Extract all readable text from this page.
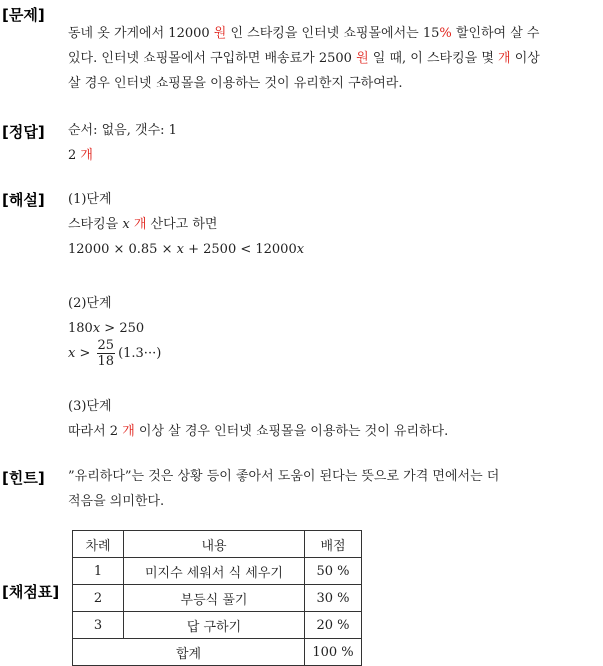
[문제]
동네 옷 가게에서 12000 원 인 스타킹을 인터넷 쇼핑몰에서는 15% 할인하여 살 수
있다. 인터넷 쇼핑몰에서 구입하면 배송료가 2500 원 일 때, 이 스타킹을 몇 개 이상
살 경우 인터넷 쇼핑몰을 이용하는 것이 유리한지 구하여라.
[정답] 순서: 없음, 갯수: 1
2 개
[해설] (1)단계
스타킹을 x 개 산다고 하면
12000 × 0.85 × x + 2500 < 12000x
(2)단계
180x > 250
$x > \frac{25}{18} (1.3\cdot\cdot\cdot)$
(3)단계
따라서 2 개 이상 살 경우 인터넷 쇼핑몰을 이용하는 것이 유리하다.
[힌트] ”유리하다”는 것은 상황 등이 좋아서 도움이 된다는 뜻으로 가격 면에서는 더
적음을 의미한다.
[채점표]
차례	내용	배점
1	미지수 세워서 식 세우기	50 %
2	부등식 풀기	30 %
3	답 구하기	20 %
합계		100 %
